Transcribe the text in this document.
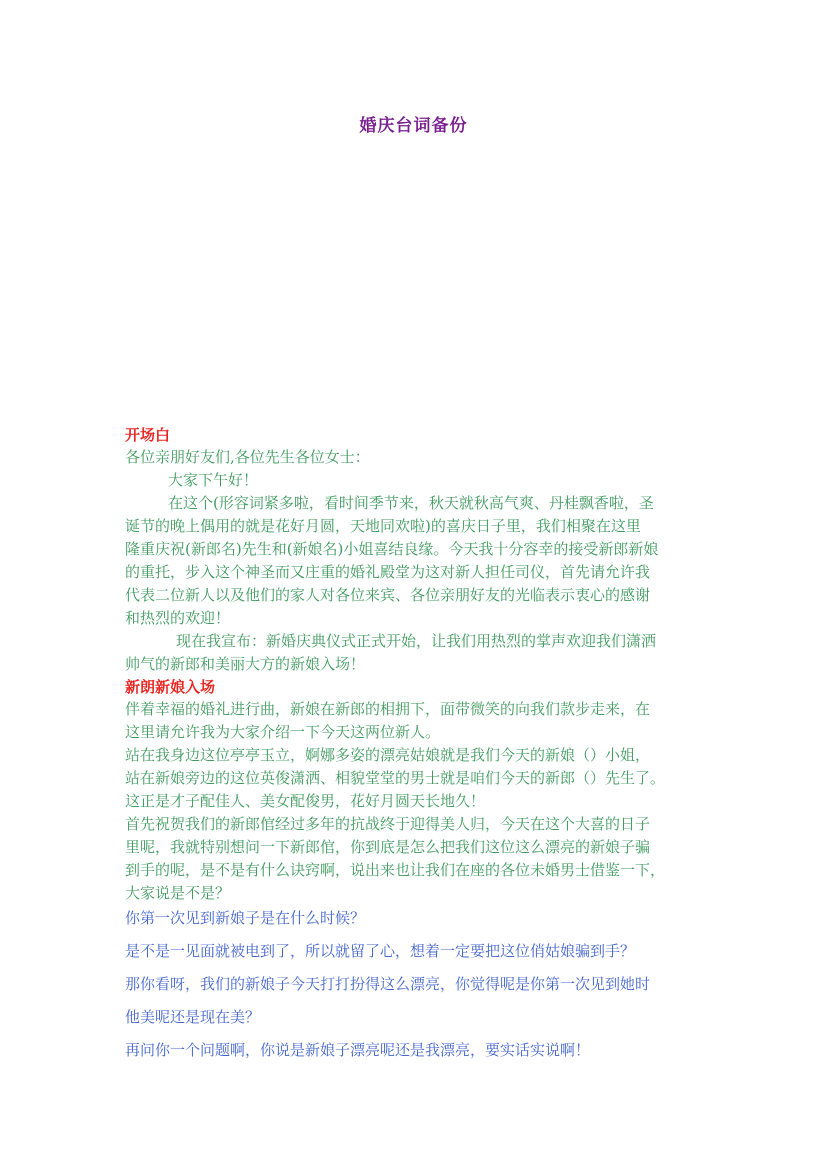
婚庆台词备份
开场白
各位亲朋好友们,各位先生各位女士：
大家下午好！
在这个(形容词紧多啦，看时间季节来，秋天就秋高气爽、丹桂飘香啦，圣
诞节的晚上偶用的就是花好月圆，天地同欢啦)的喜庆日子里，我们相聚在这里
隆重庆祝(新郎名)先生和(新娘名)小姐喜结良缘。今天我十分容幸的接受新郎新娘
的重托，步入这个神圣而又庄重的婚礼殿堂为这对新人担任司仪，首先请允许我
代表二位新人以及他们的家人对各位来宾、各位亲朋好友的光临表示衷心的感谢
和热烈的欢迎！
现在我宣布：新婚庆典仪式正式开始，让我们用热烈的掌声欢迎我们潇洒
帅气的新郎和美丽大方的新娘入场！
新朗新娘入场
伴着幸福的婚礼进行曲，新娘在新郎的相拥下，面带微笑的向我们款步走来，在
这里请允许我为大家介绍一下今天这两位新人。
站在我身边这位亭亭玉立，婀娜多姿的漂亮姑娘就是我们今天的新娘（）小姐，
站在新娘旁边的这位英俊潇洒、相貌堂堂的男士就是咱们今天的新郎（）先生了。
这正是才子配佳人、美女配俊男，花好月圆天长地久！
首先祝贺我们的新郎倌经过多年的抗战终于迎得美人归，今天在这个大喜的日子
里呢，我就特别想问一下新郎倌，你到底是怎么把我们这位这么漂亮的新娘子骗
到手的呢，是不是有什么诀窍啊，说出来也让我们在座的各位未婚男士借鉴一下，
大家说是不是？
你第一次见到新娘子是在什么时候？
是不是一见面就被电到了，所以就留了心，想着一定要把这位俏姑娘骗到手？
那你看呀，我们的新娘子今天打打扮得这么漂亮，你觉得呢是你第一次见到她时
他美呢还是现在美？
再问你一个问题啊，你说是新娘子漂亮呢还是我漂亮，要实话实说啊！
